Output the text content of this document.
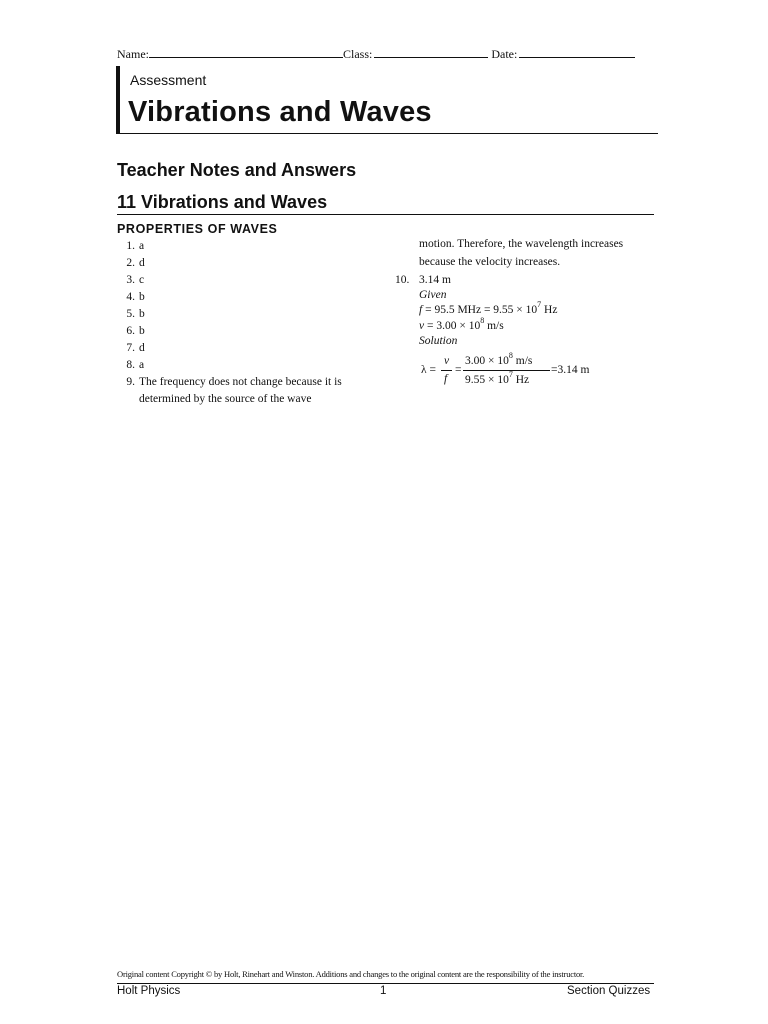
Name:	Class:	Date:
Assessment
Vibrations and Waves
Teacher Notes and Answers
11 Vibrations and Waves
PROPERTIES OF WAVES
1. a
2. d
3. c
4. b
5. b
6. b
7. d
8. a
9. The frequency does not change because it is
determined by the source of the wave
motion. Therefore, the wavelength increases
because the velocity increases.
10. 3.14 m
Given
f = 95.5 MHz = $9.55 \times 10^7$ Hz
$v = 3.00 \times 10^8$ m/s
Solution
λ =
v
f
=
$3.00 \times 10^8$ m/s
$9.55 \times 10^7$ Hz
=3.14 m
Original content Copyright © by Holt, Rinehart and Winston. Additions and changes to the original content are the responsibility of the instructor.
Holt Physics	1	Section Quizzes
